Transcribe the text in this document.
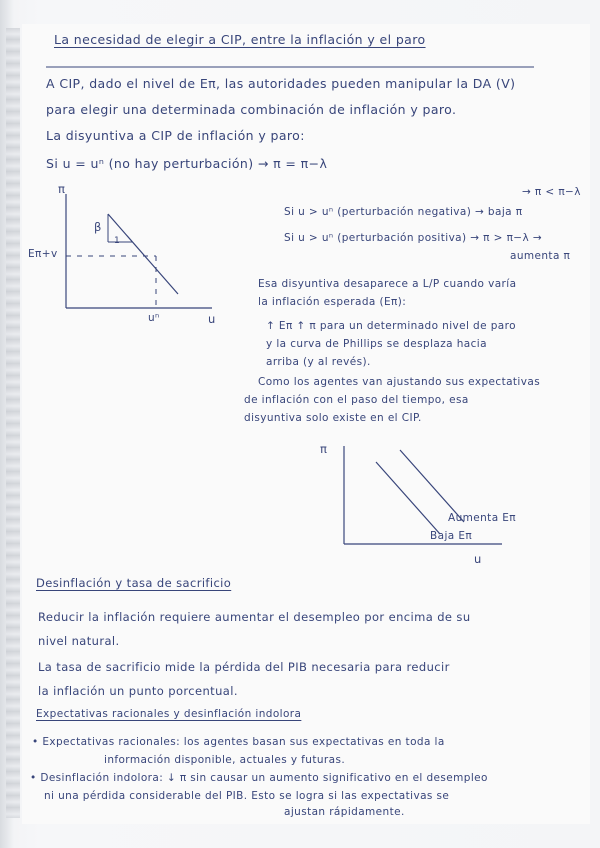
La necesidad de elegir a CIP, entre la inflación y el paro
A CIP, dado el nivel de Eπ, las autoridades pueden manipular la DA (V)
para elegir una determinada combinación de inflación y paro.
La disyuntiva a CIP de inflación y paro:
Si u = uⁿ (no hay perturbación) → π = π−λ
π
β
1
Eπ+v
uⁿ	u
→ π < π−λ
Si u > uⁿ (perturbación negativa) → baja π
Si u > uⁿ (perturbación positiva) → π > π−λ →
aumenta π
Esa disyuntiva desaparece a L/P cuando varía
la inflación esperada (Eπ):
↑ Eπ ↑ π para un determinado nivel de paro
y la curva de Phillips se desplaza hacia
arriba (y al revés).
Como los agentes van ajustando sus expectativas
de inflación con el paso del tiempo, esa
disyuntiva solo existe en el CIP.
π
Aumenta Eπ
Baja Eπ
u
Desinflación y tasa de sacrificio
Reducir la inflación requiere aumentar el desempleo por encima de su
nivel natural.
La tasa de sacrificio mide la pérdida del PIB necesaria para reducir
la inflación un punto porcentual.
Expectativas racionales y desinflación indolora
• Expectativas racionales: los agentes basan sus expectativas en toda la
información disponible, actuales y futuras.
• Desinflación indolora: ↓ π sin causar un aumento significativo en el desempleo
ni una pérdida considerable del PIB. Esto se logra si las expectativas se
ajustan rápidamente.
